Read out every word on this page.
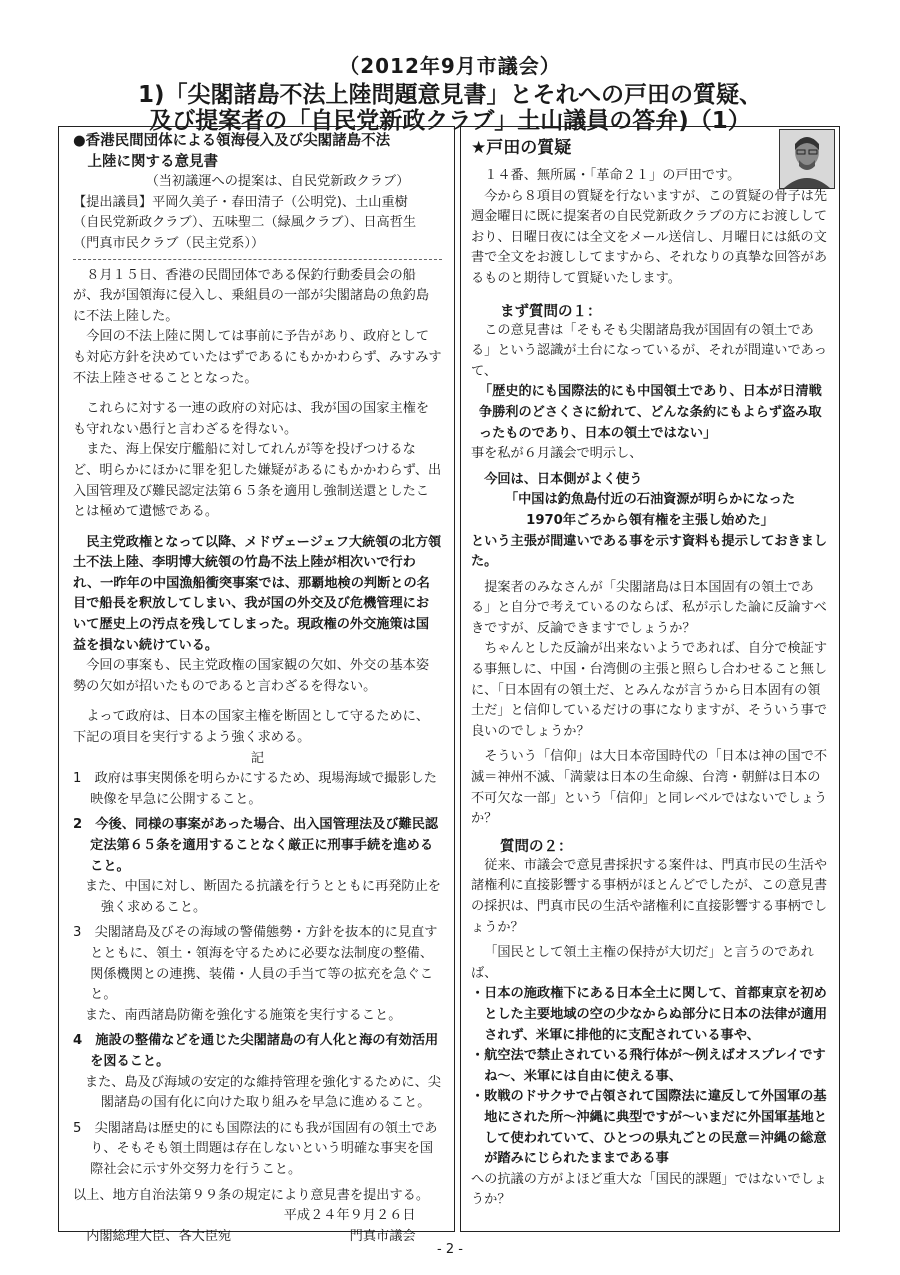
（2012年9月市議会）
1)「尖閣諸島不法上陸問題意見書」とそれへの戸田の質疑、
及び提案者の「自民党新政クラブ」土山議員の答弁)（1）
●香港民間団体による領海侵入及び尖閣諸島不法
上陸に関する意見書
（当初議運への提案は、自民党新政クラブ）
【提出議員】平岡久美子・春田清子（公明党)、土山重樹
（自民党新政クラブ）、五味聖二（緑風クラブ）、日高哲生
（門真市民クラブ（民主党系））

８月１５日、香港の民間団体である保釣行動委員会の船が、我が国領海に侵入し、乗組員の一部が尖閣諸島の魚釣島に不法上陸した。

今回の不法上陸に関しては事前に予告があり、政府としても対応方針を決めていたはずであるにもかかわらず、みすみす不法上陸させることとなった。

これらに対する一連の政府の対応は、我が国の国家主権をも守れない愚行と言わざるを得ない。

また、海上保安庁艦船に対してれんが等を投げつけるなど、明らかにほかに罪を犯した嫌疑があるにもかかわらず、出入国管理及び難民認定法第６５条を適用し強制送還としたことは極めて遺憾である。

民主党政権となって以降、メドヴェージェフ大統領の北方領土不法上陸、李明博大統領の竹島不法上陸が相次いで行われ、一昨年の中国漁船衝突事案では、那覇地検の判断との名目で船長を釈放してしまい、我が国の外交及び危機管理において歴史上の汚点を残してしまった。現政権の外交施策は国益を損ない続けている。

今回の事案も、民主党政権の国家観の欠如、外交の基本姿勢の欠如が招いたものであると言わざるを得ない。

よって政府は、日本の国家主権を断固として守るために、下記の項目を実行するよう強く求める。

記

1　政府は事実関係を明らかにするため、現場海域で撮影した映像を早急に公開すること。

2　今後、同様の事案があった場合、出入国管理法及び難民認定法第６５条を適用することなく厳正に刑事手続を進めること。

また、中国に対し、断固たる抗議を行うとともに再発防止を強く求めること。

3　尖閣諸島及びその海域の警備態勢・方針を抜本的に見直すとともに、領土・領海を守るために必要な法制度の整備、関係機関との連携、装備・人員の手当て等の拡充を急ぐこと。

また、南西諸島防衛を強化する施策を実行すること。

4　施設の整備などを通じた尖閣諸島の有人化と海の有効活用を図ること。

また、島及び海域の安定的な維持管理を強化するために、尖閣諸島の国有化に向けた取り組みを早急に進めること。

5　尖閣諸島は歴史的にも国際法的にも我が国固有の領土であり、そもそも領土問題は存在しないという明確な事実を国際社会に示す外交努力を行うこと。

以上、地方自治法第９９条の規定により意見書を提出する。

平成２４年９月２６日
内閣総理大臣、各大臣宛	門真市議会
★戸田の質疑

１４番、無所属・「革命２１」の戸田です。

今から８項目の質疑を行ないますが、この質疑の骨子は先週金曜日に既に提案者の自民党新政クラブの方にお渡ししており、日曜日夜には全文をメール送信し、月曜日には紙の文書で全文をお渡ししてますから、それなりの真摯な回答があるものと期待して質疑いたします。

まず質問の１：

この意見書は「そもそも尖閣諸島我が国固有の領土である」という認識が土台になっているが、それが間違いであって、

「歴史的にも国際法的にも中国領土であり、日本が日清戦争勝利のどさくさに紛れて、どんな条約にもよらず盗み取ったものであり、日本の領土ではない」

事を私が６月議会で明示し、

今回は、日本側がよく使う

「中国は釣魚島付近の石油資源が明らかになった
1970年ごろから領有権を主張し始めた」

という主張が間違いである事を示す資料も提示しておきました。

提案者のみなさんが「尖閣諸島は日本国固有の領土である」と自分で考えているのならば、私が示した論に反論すべきですが、反論できますでしょうか？

ちゃんとした反論が出来ないようであれば、自分で検証する事無しに、中国・台湾側の主張と照らし合わせること無しに、「日本固有の領土だ、とみんなが言うから日本固有の領土だ」と信仰しているだけの事になりますが、そういう事で良いのでしょうか？

そういう「信仰」は大日本帝国時代の「日本は神の国で不滅＝神州不滅、「満蒙は日本の生命線、台湾・朝鮮は日本の不可欠な一部」という「信仰」と同レベルではないでしょうか？

質問の２：

従来、市議会で意見書採択する案件は、門真市民の生活や諸権利に直接影響する事柄がほとんどでしたが、この意見書の採択は、門真市民の生活や諸権利に直接影響する事柄でしょうか？

「国民として領土主権の保持が大切だ」と言うのであれば、

・日本の施政権下にある日本全土に関して、首都東京を初めとした主要地域の空の少なからぬ部分に日本の法律が適用されず、米軍に排他的に支配されている事や、

・航空法で禁止されている飛行体が～例えばオスプレイですね～、米軍には自由に使える事、

・敗戦のドサクサで占領されて国際法に違反して外国軍の基地にされた所～沖縄に典型ですが～いまだに外国軍基地として使われていて、ひとつの県丸ごとの民意＝沖縄の総意が踏みにじられたままである事

への抗議の方がよほど重大な「国民的課題」ではないでしょうか？

- 2 -
